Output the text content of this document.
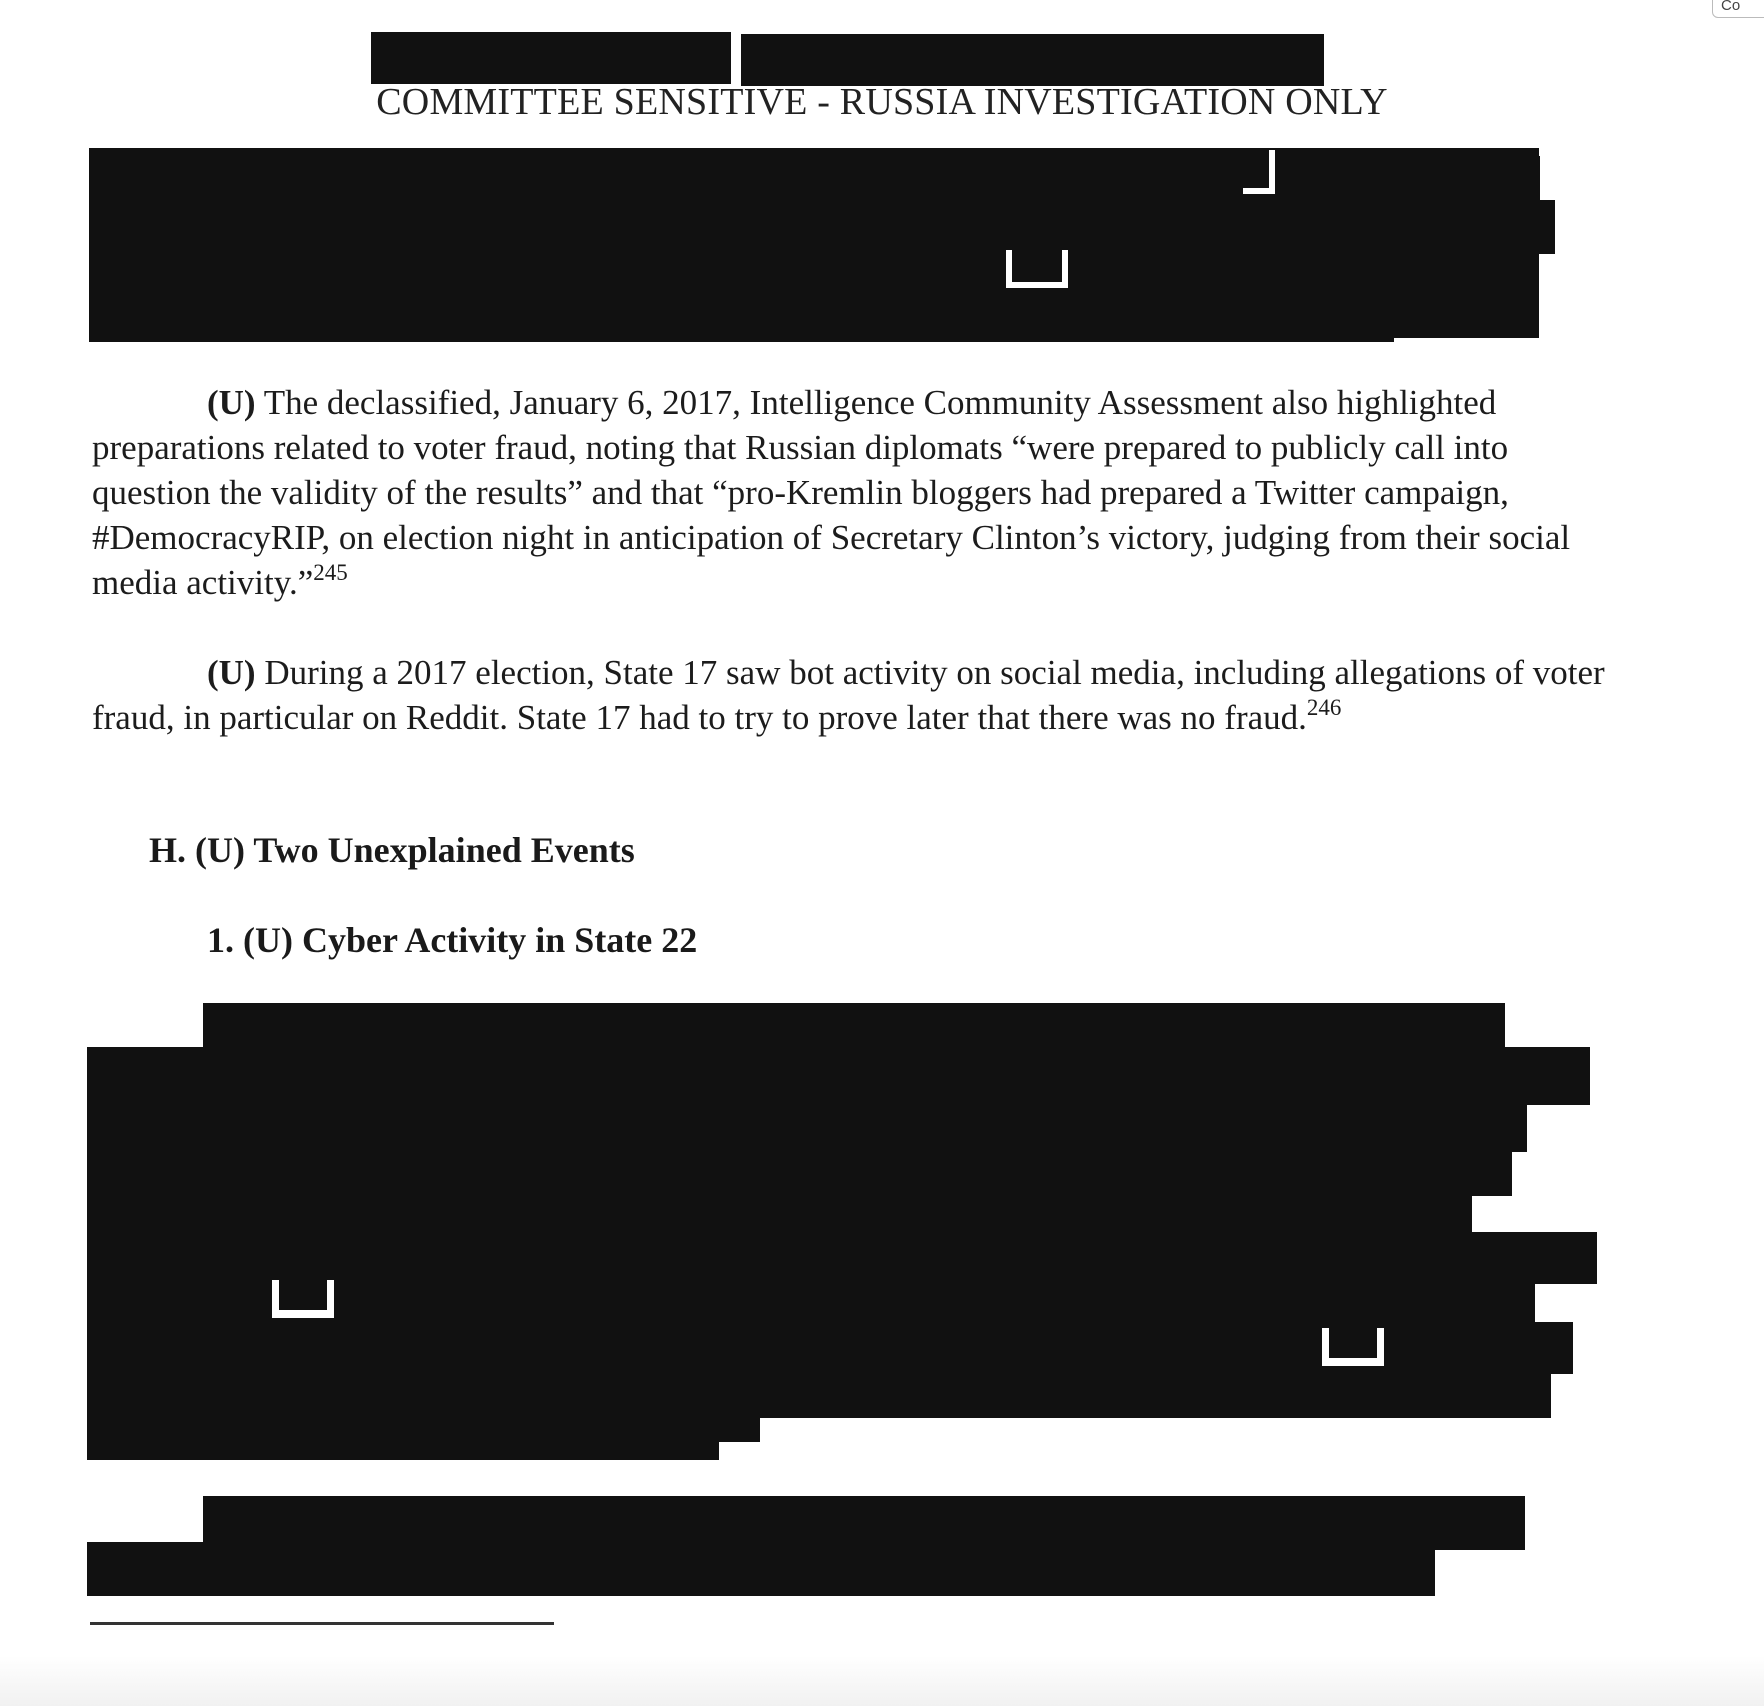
COMMITTEE SENSITIVE - RUSSIA INVESTIGATION ONLY
(U) The declassified, January 6, 2017, Intelligence Community Assessment also highlighted preparations related to voter fraud, noting that Russian diplomats “were prepared to publicly call into question the validity of the results” and that “pro-Kremlin bloggers had prepared a Twitter campaign, #DemocracyRIP, on election night in anticipation of Secretary Clinton’s victory, judging from their social media activity.”$^{245}$
(U) During a 2017 election, State 17 saw bot activity on social media, including allegations of voter fraud, in particular on Reddit. State 17 had to try to prove later that there was no fraud.$^{246}$
H. (U) Two Unexplained Events
1. (U) Cyber Activity in State 22
Co
